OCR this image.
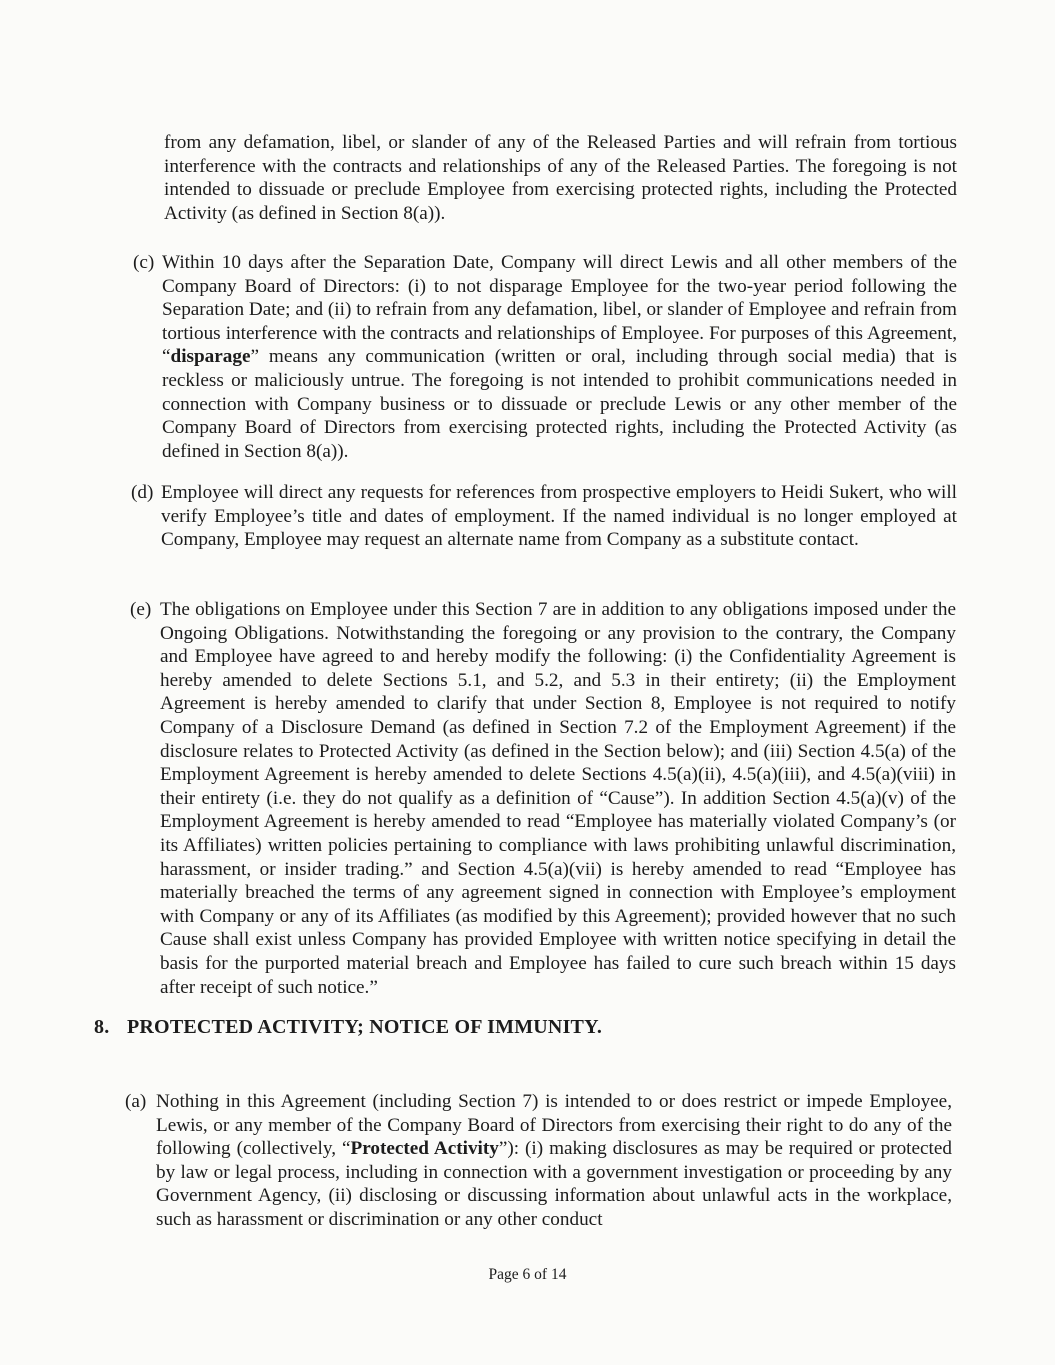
from any defamation, libel, or slander of any of the Released Parties and will refrain from tortious interference with the contracts and relationships of any of the Released Parties. The foregoing is not intended to dissuade or preclude Employee from exercising protected rights, including the Protected Activity (as defined in Section 8(a)).

(c) Within 10 days after the Separation Date, Company will direct Lewis and all other members of the Company Board of Directors: (i) to not disparage Employee for the two-year period following the Separation Date; and (ii) to refrain from any defamation, libel, or slander of Employee and refrain from tortious interference with the contracts and relationships of Employee. For purposes of this Agreement, “disparage” means any communication (written or oral, including through social media) that is reckless or maliciously untrue. The foregoing is not intended to prohibit communications needed in connection with Company business or to dissuade or preclude Lewis or any other member of the Company Board of Directors from exercising protected rights, including the Protected Activity (as defined in Section 8(a)).

(d) Employee will direct any requests for references from prospective employers to Heidi Sukert, who will verify Employee’s title and dates of employment. If the named individual is no longer employed at Company, Employee may request an alternate name from Company as a substitute contact.

(e) The obligations on Employee under this Section 7 are in addition to any obligations imposed under the Ongoing Obligations. Notwithstanding the foregoing or any provision to the contrary, the Company and Employee have agreed to and hereby modify the following: (i) the Confidentiality Agreement is hereby amended to delete Sections 5.1, and 5.2, and 5.3 in their entirety; (ii) the Employment Agreement is hereby amended to clarify that under Section 8, Employee is not required to notify Company of a Disclosure Demand (as defined in Section 7.2 of the Employment Agreement) if the disclosure relates to Protected Activity (as defined in the Section below); and (iii) Section 4.5(a) of the Employment Agreement is hereby amended to delete Sections 4.5(a)(ii), 4.5(a)(iii), and 4.5(a)(viii) in their entirety (i.e. they do not qualify as a definition of “Cause”). In addition Section 4.5(a)(v) of the Employment Agreement is hereby amended to read “Employee has materially violated Company’s (or its Affiliates) written policies pertaining to compliance with laws prohibiting unlawful discrimination, harassment, or insider trading.” and Section 4.5(a)(vii) is hereby amended to read “Employee has materially breached the terms of any agreement signed in connection with Employee’s employment with Company or any of its Affiliates (as modified by this Agreement); provided however that no such Cause shall exist unless Company has provided Employee with written notice specifying in detail the basis for the purported material breach and Employee has failed to cure such breach within 15 days after receipt of such notice.”

8. PROTECTED ACTIVITY; NOTICE OF IMMUNITY.
(a) Nothing in this Agreement (including Section 7) is intended to or does restrict or impede Employee, Lewis, or any member of the Company Board of Directors from exercising their right to do any of the following (collectively, “Protected Activity”): (i) making disclosures as may be required or protected by law or legal process, including in connection with a government investigation or proceeding by any Government Agency, (ii) disclosing or discussing information about unlawful acts in the workplace, such as harassment or discrimination or any other conduct

Page 6 of 14
